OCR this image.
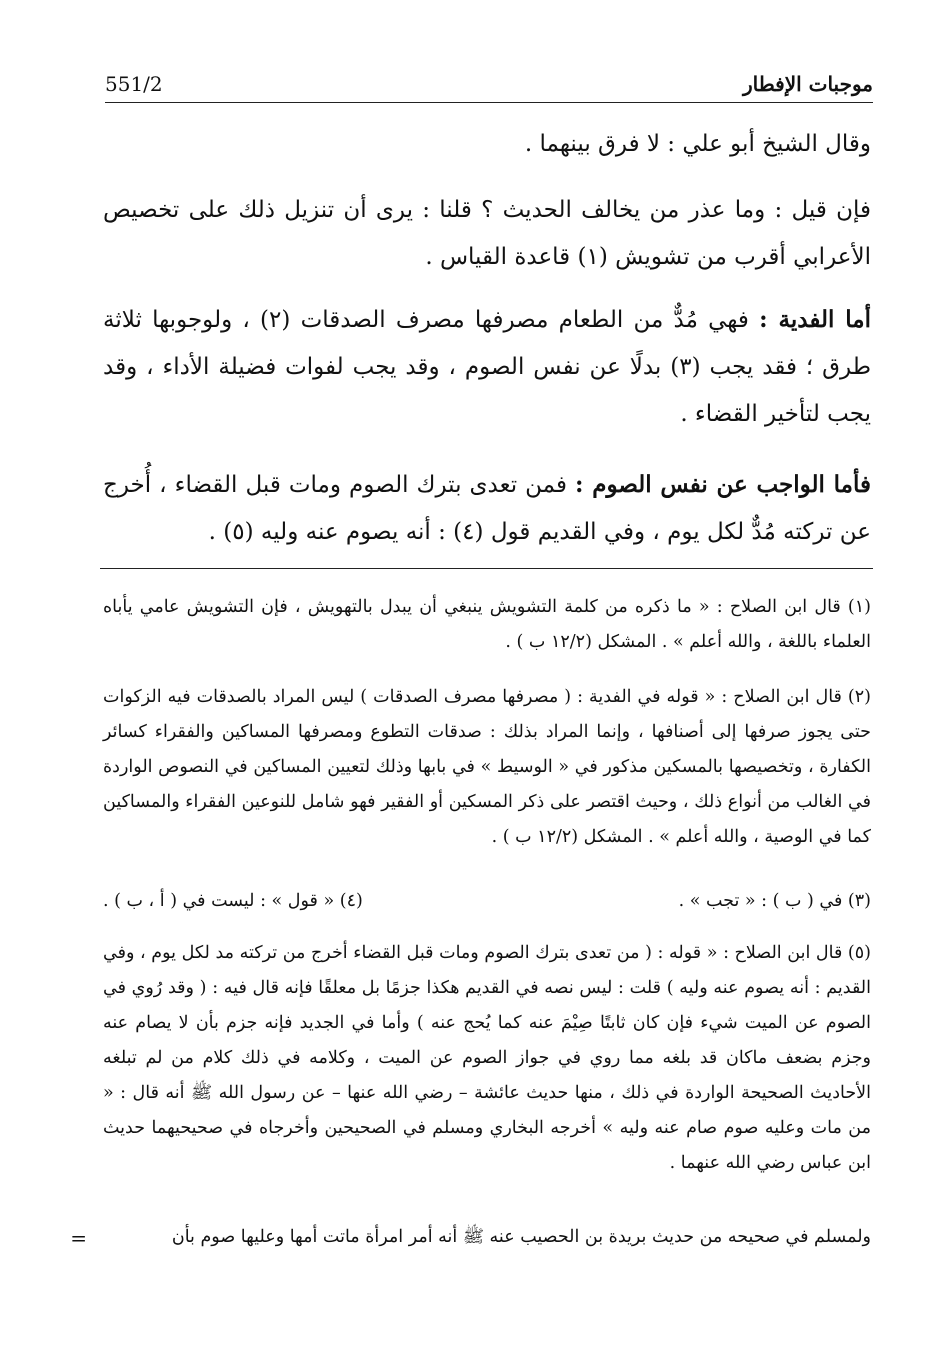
موجبات الإفطار
551/2

وقال الشيخ أبو علي : لا فرق بينهما .

فإن قيل : وما عذر من يخالف الحديث ؟ قلنا : يرى أن تنزيل ذلك على تخصيص الأعرابي أقرب من تشويش (١) قاعدة القياس .

أما الفدية : فهي مُدٌّ من الطعام مصرفها مصرف الصدقات (٢) ، ولوجوبها ثلاثة طرق ؛ فقد يجب (٣) بدلًا عن نفس الصوم ، وقد يجب لفوات فضيلة الأداء ، وقد يجب لتأخير القضاء .

فأما الواجب عن نفس الصوم : فمن تعدى بترك الصوم ومات قبل القضاء ، أُخرج عن تركته مُدٌّ لكل يوم ، وفي القديم قول (٤) : أنه يصوم عنه وليه (٥) .

(١) قال ابن الصلاح : « ما ذكره من كلمة التشويش ينبغي أن يبدل بالتهويش ، فإن التشويش عامي يأباه العلماء باللغة ، والله أعلم » . المشكل (١٢/٢ ب ) .

(٢) قال ابن الصلاح : « قوله في الفدية : ( مصرفها مصرف الصدقات ) ليس المراد بالصدقات فيه الزكوات حتى يجوز صرفها إلى أصنافها ، وإنما المراد بذلك : صدقات التطوع ومصرفها المساكين والفقراء كسائر الكفارة ، وتخصيصها بالمسكين مذكور في « الوسيط » في بابها وذلك لتعيين المساكين في النصوص الواردة في الغالب من أنواع ذلك ، وحيث اقتصر على ذكر المسكين أو الفقير فهو شامل للنوعين الفقراء والمساكين كما في الوصية ، والله أعلم » . المشكل (١٢/٢ ب ) .

(٣) في ( ب ) : « تجب » .
(٤) « قول » : ليست في ( أ ، ب ) .

(٥) قال ابن الصلاح : « قوله : ( من تعدى بترك الصوم ومات قبل القضاء أخرج من تركته مد لكل يوم ، وفي القديم : أنه يصوم عنه وليه ) قلت : ليس نصه في القديم هكذا جزمًا بل معلقًا فإنه قال فيه : ( وقد رُوي في الصوم عن الميت شيء فإن كان ثابتًا صِيْمَ عنه كما يُحج عنه ) وأما في الجديد فإنه جزم بأن لا يصام عنه وجزم بضعف ماكان قد بلغه مما روي في جواز الصوم عن الميت ، وكلامه في ذلك كلام من لم تبلغه الأحاديث الصحيحة الواردة في ذلك ، منها حديث عائشة – رضي الله عنها – عن رسول الله ﷺ أنه قال : « من مات وعليه صوم صام عنه وليه » أخرجه البخاري ومسلم في الصحيحين وأخرجاه في صحيحيهما حديث ابن عباس رضي الله عنهما .

ولمسلم في صحيحه من حديث بريدة بن الحصيب عنه ﷺ أنه أمر امرأة ماتت أمها وعليها صوم بأن

=
